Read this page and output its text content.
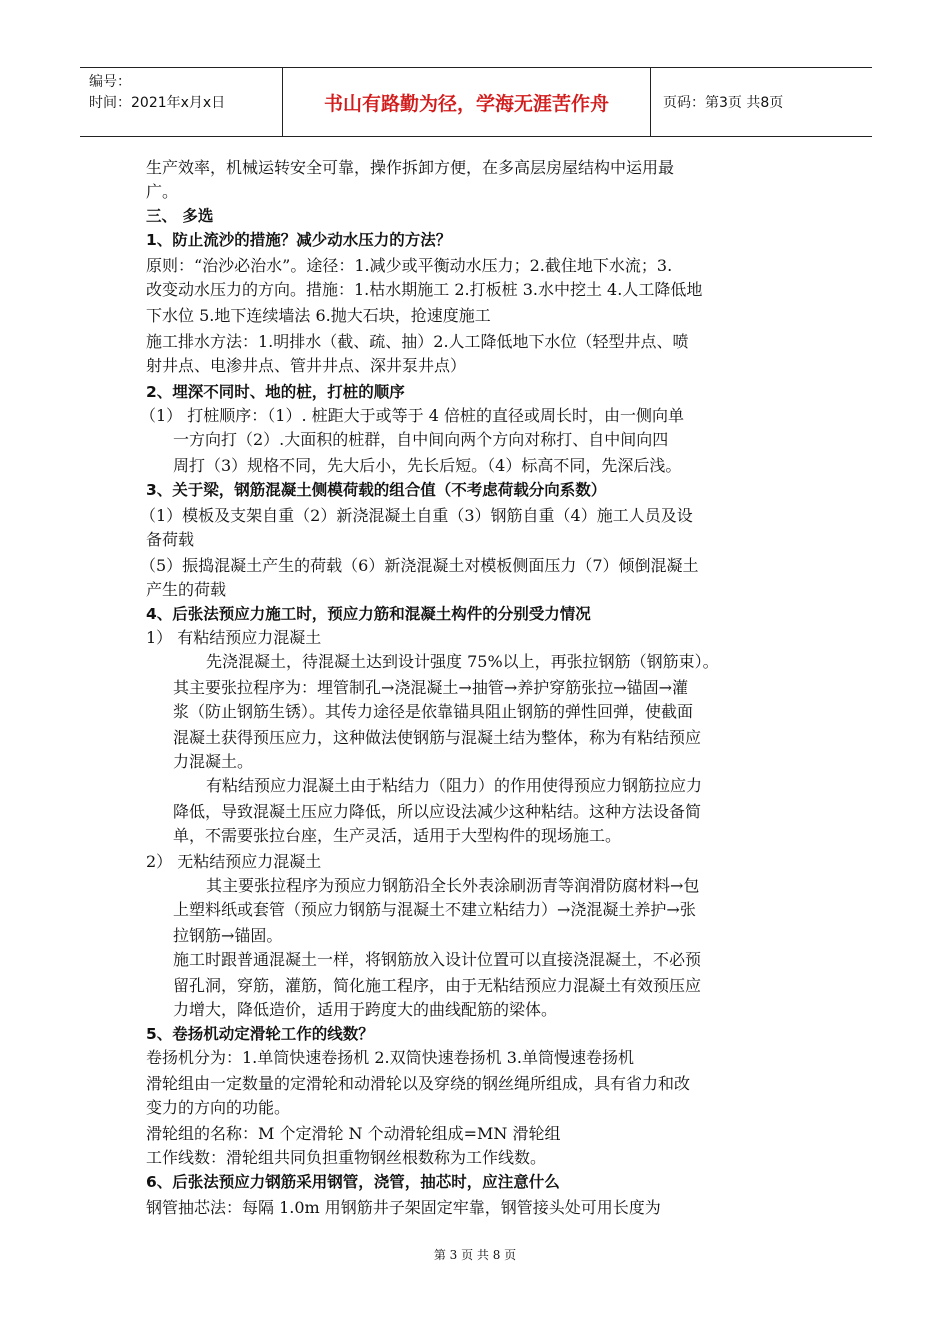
编号：
时间：2021年x月x日	书山有路勤为径，学海无涯苦作舟	页码：第3页 共8页
生产效率，机械运转安全可靠，操作拆卸方便，在多高层房屋结构中运用最
广。
三、 多选
1、防止流沙的措施？减少动水压力的方法？
原则：“治沙必治水”。途径：1.减少或平衡动水压力；2.截住地下水流；3.
改变动水压力的方向。措施：1.枯水期施工 2.打板桩 3.水中挖土 4.人工降低地
下水位 5.地下连续墙法 6.抛大石块，抢速度施工
施工排水方法：1.明排水（截、疏、抽）2.人工降低地下水位（轻型井点、喷
射井点、电渗井点、管井井点、深井泵井点）
2、埋深不同时、地的桩，打桩的顺序
（1） 打桩顺序：（1）. 桩距大于或等于 4 倍桩的直径或周长时，由一侧向单
一方向打（2）.大面积的桩群，自中间向两个方向对称打、自中间向四
周打（3）规格不同，先大后小，先长后短。（4）标高不同，先深后浅。
3、关于梁，钢筋混凝土侧模荷载的组合值（不考虑荷载分向系数）
（1）模板及支架自重（2）新浇混凝土自重（3）钢筋自重（4）施工人员及设
备荷载
（5）振捣混凝土产生的荷载（6）新浇混凝土对模板侧面压力（7）倾倒混凝土
产生的荷载
4、后张法预应力施工时，预应力筋和混凝土构件的分别受力情况
1） 有粘结预应力混凝土
先浇混凝土，待混凝土达到设计强度 75%以上，再张拉钢筋（钢筋束）。
其主要张拉程序为：埋管制孔→浇混凝土→抽管→养护穿筋张拉→锚固→灌
浆（防止钢筋生锈）。其传力途径是依靠锚具阻止钢筋的弹性回弹，使截面
混凝土获得预压应力，这种做法使钢筋与混凝土结为整体，称为有粘结预应
力混凝土。
有粘结预应力混凝土由于粘结力（阻力）的作用使得预应力钢筋拉应力
降低，导致混凝土压应力降低，所以应设法减少这种粘结。这种方法设备简
单，不需要张拉台座，生产灵活，适用于大型构件的现场施工。
2） 无粘结预应力混凝土
其主要张拉程序为预应力钢筋沿全长外表涂刷沥青等润滑防腐材料→包
上塑料纸或套管（预应力钢筋与混凝土不建立粘结力）→浇混凝土养护→张
拉钢筋→锚固。
施工时跟普通混凝土一样，将钢筋放入设计位置可以直接浇混凝土，不必预
留孔洞，穿筋，灌筋，简化施工程序，由于无粘结预应力混凝土有效预压应
力增大，降低造价，适用于跨度大的曲线配筋的梁体。
5、卷扬机动定滑轮工作的线数？
卷扬机分为：1.单筒快速卷扬机 2.双筒快速卷扬机 3.单筒慢速卷扬机
滑轮组由一定数量的定滑轮和动滑轮以及穿绕的钢丝绳所组成，具有省力和改
变力的方向的功能。
滑轮组的名称：M 个定滑轮 N 个动滑轮组成=MN 滑轮组
工作线数：滑轮组共同负担重物钢丝根数称为工作线数。
6、后张法预应力钢筋采用钢管，浇管，抽芯时，应注意什么
钢管抽芯法：每隔 1.0m 用钢筋井子架固定牢靠，钢管接头处可用长度为
第 3 页 共 8 页
